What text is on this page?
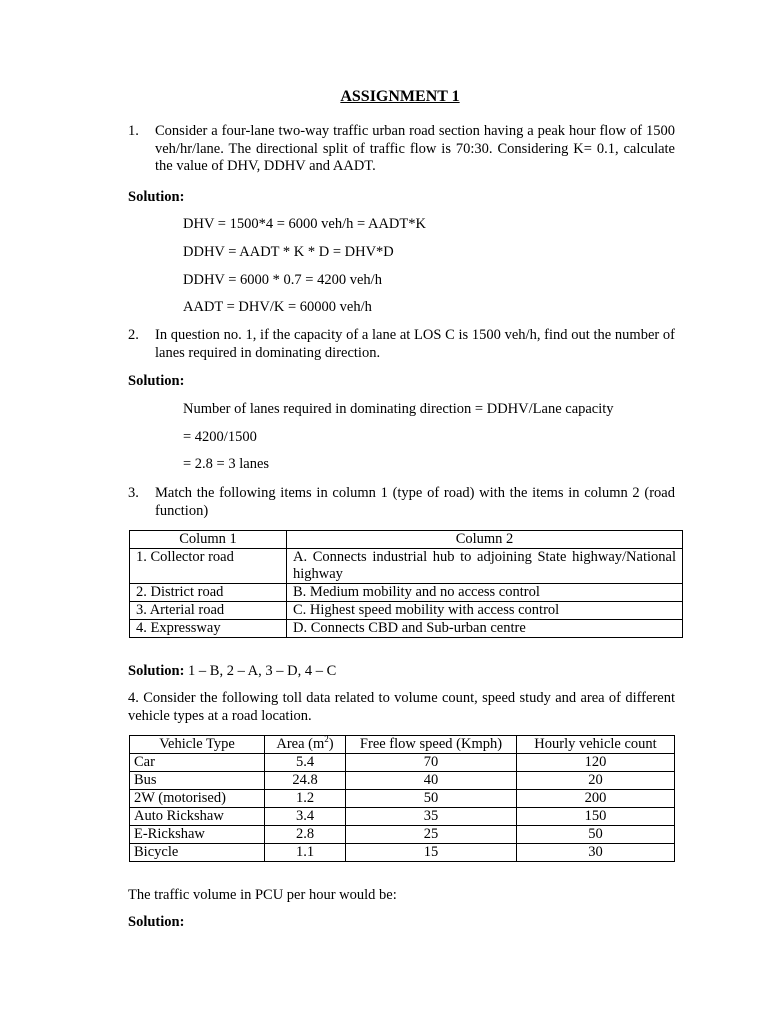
ASSIGNMENT 1
1. Consider a four-lane two-way traffic urban road section having a peak hour flow of 1500 veh/hr/lane. The directional split of traffic flow is 70:30. Considering K= 0.1, calculate the value of DHV, DDHV and AADT.
Solution:
DHV = 1500*4 = 6000 veh/h = AADT*K
DDHV = AADT * K * D = DHV*D
DDHV = 6000 * 0.7 = 4200 veh/h
AADT = DHV/K = 60000 veh/h
2. In question no. 1, if the capacity of a lane at LOS C is 1500 veh/h, find out the number of lanes required in dominating direction.
Solution:
Number of lanes required in dominating direction = DDHV/Lane capacity
= 4200/1500
= 2.8 = 3 lanes
3. Match the following items in column 1 (type of road) with the items in column 2 (road function)
Column 1	Column 2
1. Collector road	A. Connects industrial hub to adjoining State highway/National highway
2. District road	B. Medium mobility and no access control
3. Arterial road	C. Highest speed mobility with access control
4. Expressway	D. Connects CBD and Sub-urban centre
Solution: 1 – B, 2 – A, 3 – D, 4 – C
4. Consider the following toll data related to volume count, speed study and area of different vehicle types at a road location.
Vehicle Type	Area $(m^2)$	Free flow speed (Kmph)	Hourly vehicle count
Car	5.4	70	120
Bus	24.8	40	20
2W (motorised)	1.2	50	200
Auto Rickshaw	3.4	35	150
E-Rickshaw	2.8	25	50
Bicycle	1.1	15	30
The traffic volume in PCU per hour would be:
Solution:
